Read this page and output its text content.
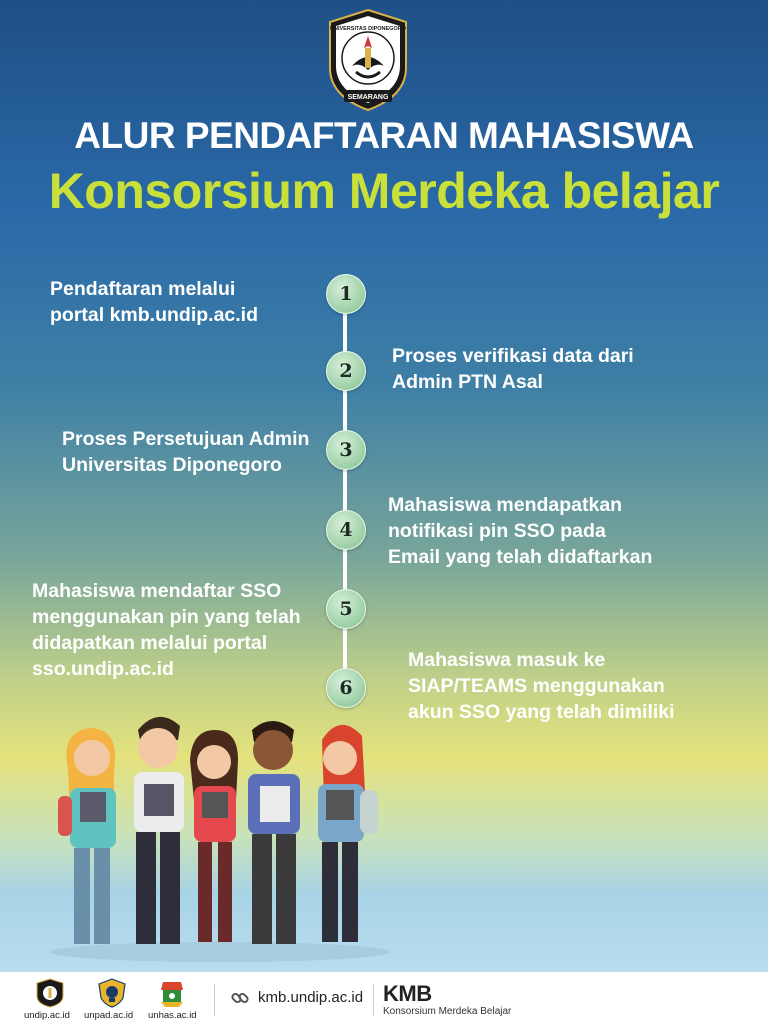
SEMARANG
UNIVERSITAS DIPONEGORO
ALUR PENDAFTARAN MAHASISWA
Konsorsium Merdeka belajar
1
2
3
4
5
6
Pendaftaran melalui
portal kmb.undip.ac.id
Proses verifikasi data dari
Admin PTN Asal
Proses Persetujuan Admin
Universitas Diponegoro
Mahasiswa mendapatkan
notifikasi pin SSO pada
Email yang telah didaftarkan
Mahasiswa mendaftar SSO
menggunakan pin yang telah
didapatkan melalui portal
sso.undip.ac.id	Mahasiswa masuk ke
SIAP/TEAMS menggunakan
akun SSO yang telah dimiliki
undip.ac.id unpad.ac.id unhas.ac.id
kmb.undip.ac.id KMB
Konsorsium Merdeka Belajar
